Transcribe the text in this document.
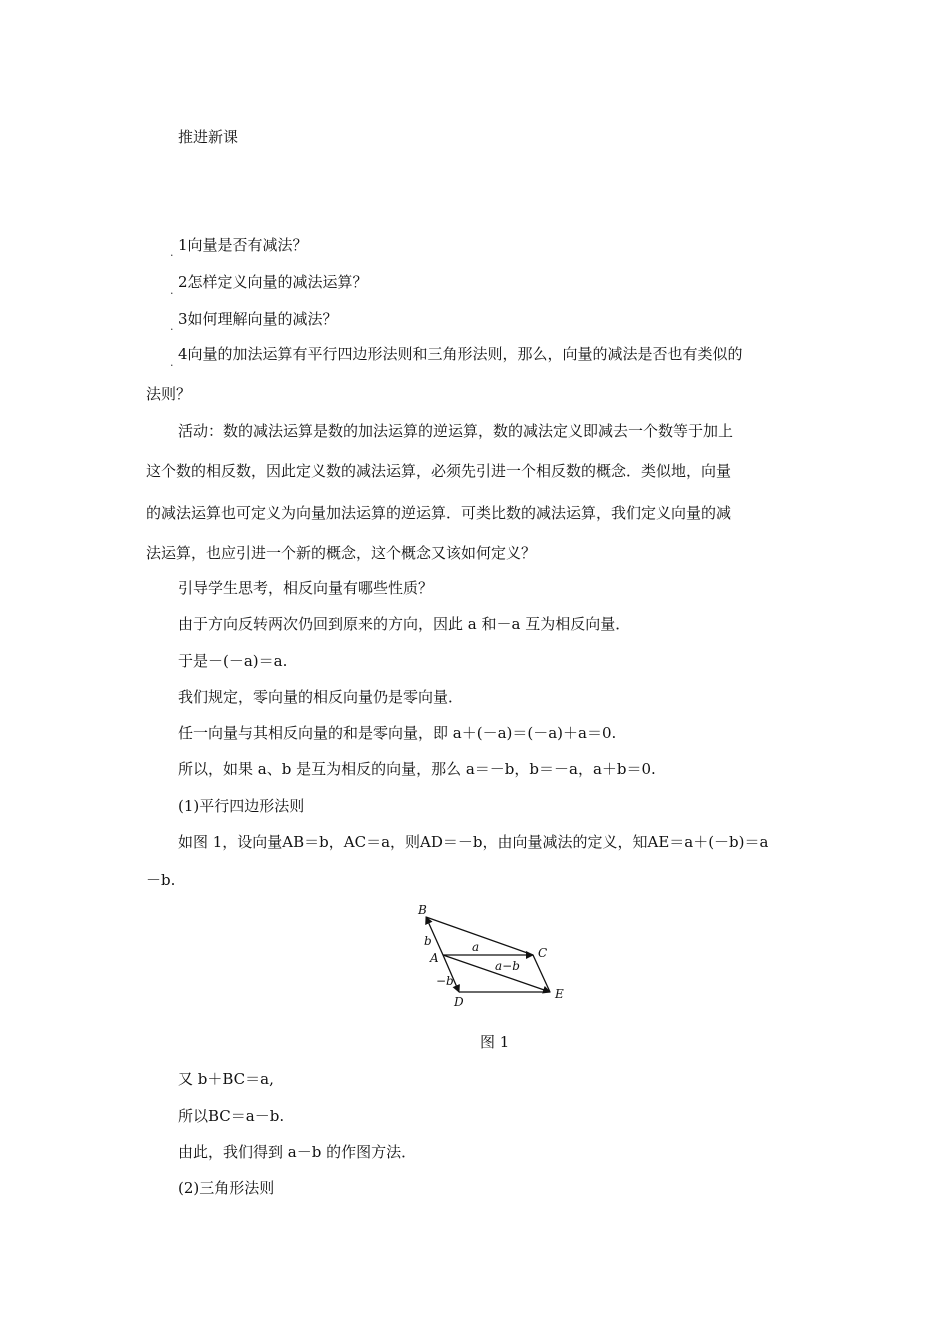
推进新课
. 1向量是否有减法？
. 2怎样定义向量的减法运算？
. 3如何理解向量的减法？
. 4向量的加法运算有平行四边形法则和三角形法则，那么，向量的减法是否也有类似的
法则？
活动：数的减法运算是数的加法运算的逆运算，数的减法定义即减去一个数等于加上
这个数的相反数，因此定义数的减法运算，必须先引进一个相反数的概念．类似地，向量
的减法运算也可定义为向量加法运算的逆运算．可类比数的减法运算，我们定义向量的减
法运算，也应引进一个新的概念，这个概念又该如何定义？
引导学生思考，相反向量有哪些性质？
由于方向反转两次仍回到原来的方向，因此 a 和－a 互为相反向量．
于是－(－a)＝a.
我们规定，零向量的相反向量仍是零向量．
任一向量与其相反向量的和是零向量，即 a＋(－a)＝(－a)＋a＝0.
所以，如果 a、b 是互为相反的向量，那么 a＝－b，b＝－a，a＋b＝0.
(1)平行四边形法则
如图 1，设向量AB＝b，AC＝a，则AD＝－b，由向量减法的定义，知AE＝a＋(－b)＝a
－b.
B
A	C
D
E
b	a
a−b
−b
图 1
又 b＋BC＝a,
所以BC＝a－b.
由此，我们得到 a－b 的作图方法．
(2)三角形法则
